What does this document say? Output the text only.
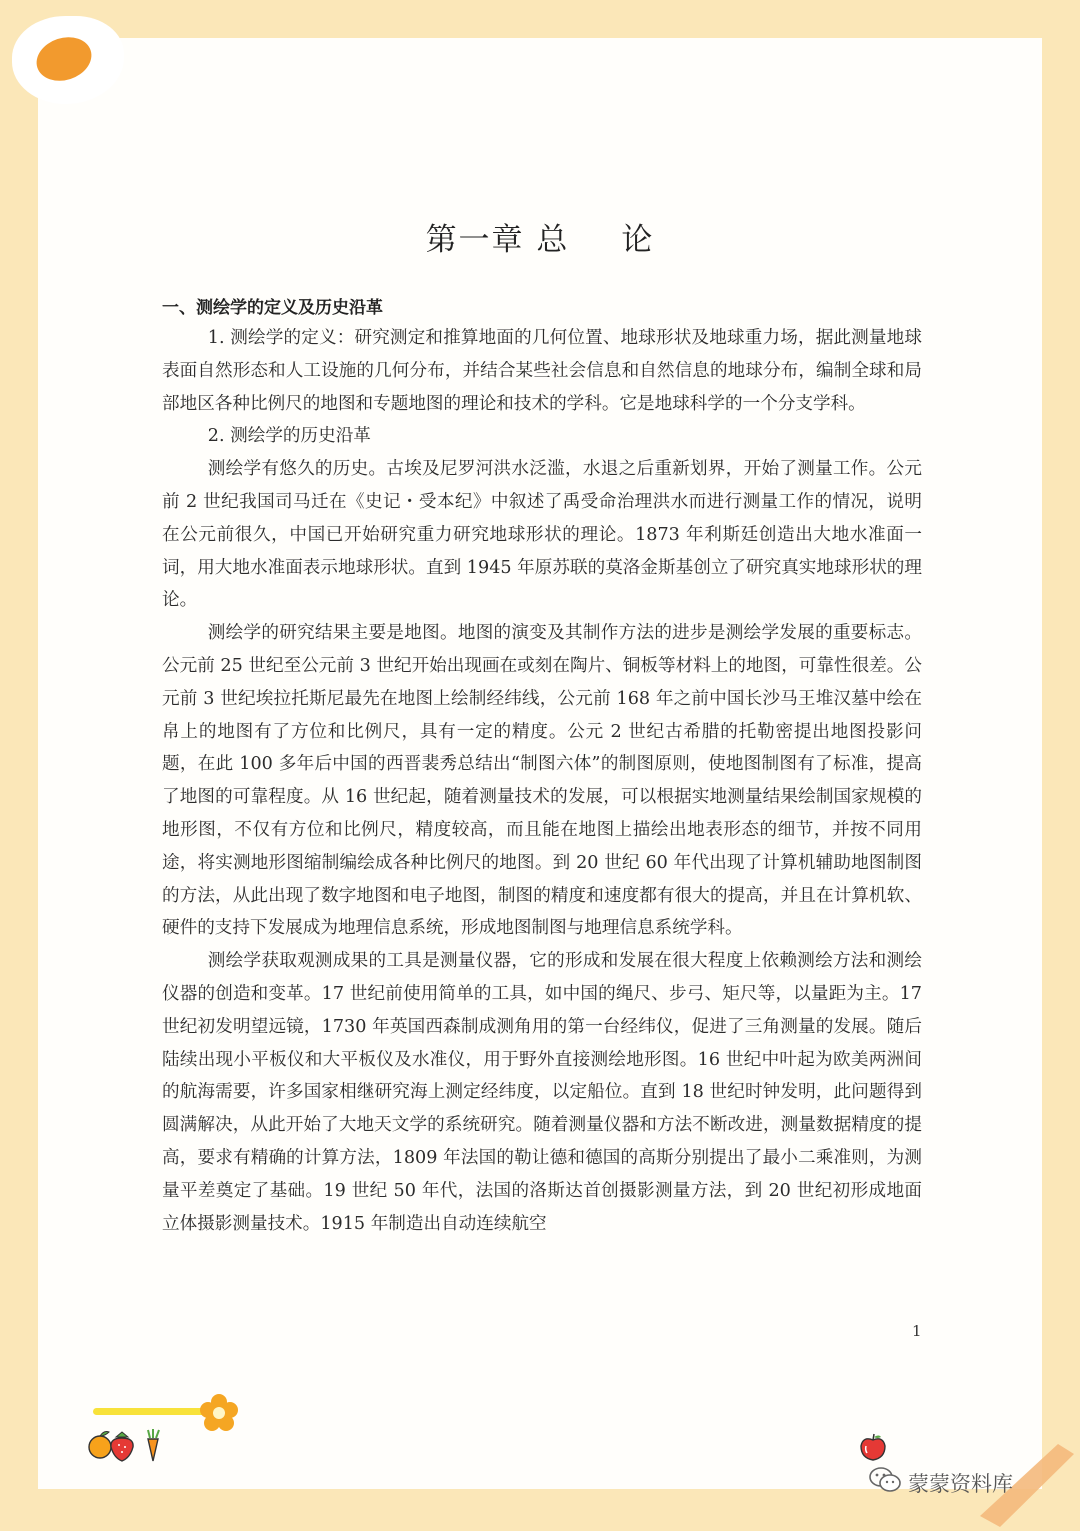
第一章 总 论
一、测绘学的定义及历史沿革

1. 测绘学的定义：研究测定和推算地面的几何位置、地球形状及地球重力场，据此测量地球表面自然形态和人工设施的几何分布，并结合某些社会信息和自然信息的地球分布，编制全球和局部地区各种比例尺的地图和专题地图的理论和技术的学科。它是地球科学的一个分支学科。

2. 测绘学的历史沿革

测绘学有悠久的历史。古埃及尼罗河洪水泛滥，水退之后重新划界，开始了测量工作。公元前 2 世纪我国司马迁在《史记・受本纪》中叙述了禹受命治理洪水而进行测量工作的情况，说明在公元前很久，中国已开始研究重力研究地球形状的理论。1873 年利斯廷创造出大地水准面一词，用大地水准面表示地球形状。直到 1945 年原苏联的莫洛金斯基创立了研究真实地球形状的理论。

测绘学的研究结果主要是地图。地图的演变及其制作方法的进步是测绘学发展的重要标志。公元前 25 世纪至公元前 3 世纪开始出现画在或刻在陶片、铜板等材料上的地图，可靠性很差。公元前 3 世纪埃拉托斯尼最先在地图上绘制经纬线，公元前 168 年之前中国长沙马王堆汉墓中绘在帛上的地图有了方位和比例尺，具有一定的精度。公元 2 世纪古希腊的托勒密提出地图投影问题，在此 100 多年后中国的西晋裴秀总结出“制图六体”的制图原则，使地图制图有了标准，提高了地图的可靠程度。从 16 世纪起，随着测量技术的发展，可以根据实地测量结果绘制国家规模的地形图，不仅有方位和比例尺，精度较高，而且能在地图上描绘出地表形态的细节，并按不同用途，将实测地形图缩制编绘成各种比例尺的地图。到 20 世纪 60 年代出现了计算机辅助地图制图的方法，从此出现了数字地图和电子地图，制图的精度和速度都有很大的提高，并且在计算机软、硬件的支持下发展成为地理信息系统，形成地图制图与地理信息系统学科。

测绘学获取观测成果的工具是测量仪器，它的形成和发展在很大程度上依赖测绘方法和测绘仪器的创造和变革。17 世纪前使用简单的工具，如中国的绳尺、步弓、矩尺等，以量距为主。17 世纪初发明望远镜，1730 年英国西森制成测角用的第一台经纬仪，促进了三角测量的发展。随后陆续出现小平板仪和大平板仪及水准仪，用于野外直接测绘地形图。16 世纪中叶起为欧美两洲间的航海需要，许多国家相继研究海上测定经纬度，以定船位。直到 18 世纪时钟发明，此问题得到圆满解决，从此开始了大地天文学的系统研究。随着测量仪器和方法不断改进，测量数据精度的提高，要求有精确的计算方法，1809 年法国的勒让德和德国的高斯分别提出了最小二乘准则，为测量平差奠定了基础。19 世纪 50 年代，法国的洛斯达首创摄影测量方法，到 20 世纪初形成地面立体摄影测量技术。1915 年制造出自动连续航空

1
蒙蒙资料库
